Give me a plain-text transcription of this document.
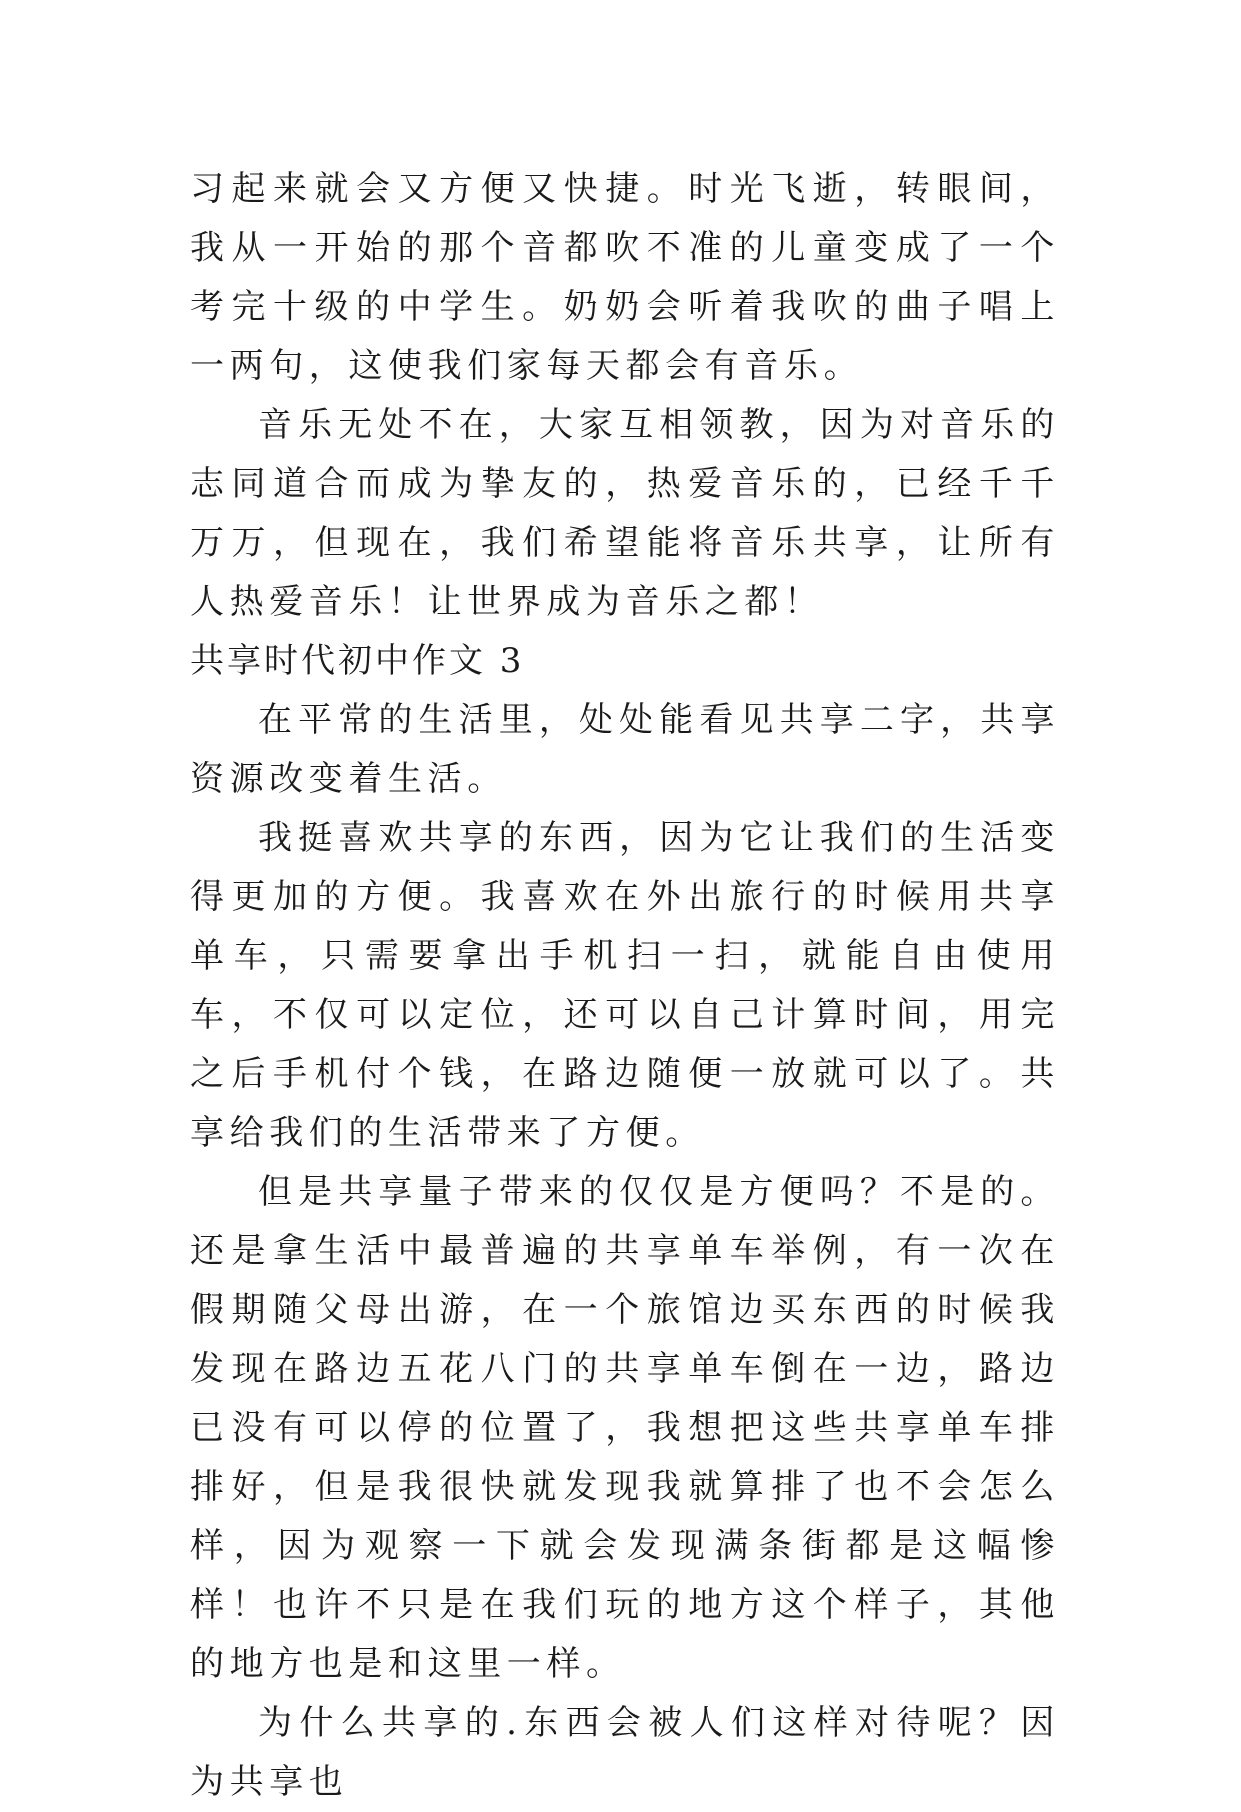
习起来就会又方便又快捷。时光飞逝，转眼间，我从一开始的那个音都吹不准的儿童变成了一个考完十级的中学生。奶奶会听着我吹的曲子唱上一两句，这使我们家每天都会有音乐。

音乐无处不在，大家互相领教，因为对音乐的志同道合而成为挚友的，热爱音乐的，已经千千万万，但现在，我们希望能将音乐共享，让所有人热爱音乐！让世界成为音乐之都！

共享时代初中作文 3

在平常的生活里，处处能看见共享二字，共享资源改变着生活。

我挺喜欢共享的东西，因为它让我们的生活变得更加的方便。我喜欢在外出旅行的时候用共享单车，只需要拿出手机扫一扫，就能自由使用车，不仅可以定位，还可以自己计算时间，用完之后手机付个钱，在路边随便一放就可以了。共享给我们的生活带来了方便。

但是共享量子带来的仅仅是方便吗？不是的。还是拿生活中最普遍的共享单车举例，有一次在假期随父母出游，在一个旅馆边买东西的时候我发现在路边五花八门的共享单车倒在一边，路边已没有可以停的位置了，我想把这些共享单车排排好，但是我很快就发现我就算排了也不会怎么样，因为观察一下就会发现满条街都是这幅惨样！也许不只是在我们玩的地方这个样子，其他的地方也是和这里一样。

为什么共享的.东西会被人们这样对待呢？因为共享也
